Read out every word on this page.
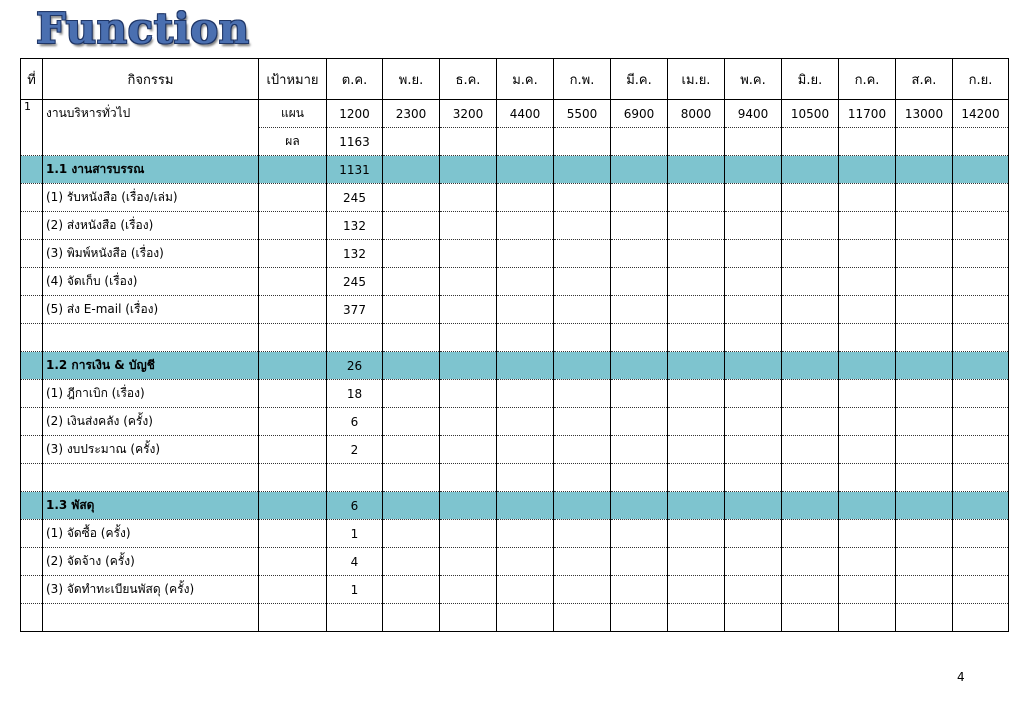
Function
ที่	กิจกรรม	เป้าหมาย	ต.ค.	พ.ย.	ธ.ค.	ม.ค.	ก.พ.	มี.ค.	เม.ย.	พ.ค.	มิ.ย.	ก.ค.	ส.ค.	ก.ย.
1	งานบริหารทั่วไป	แผน	1200	2300	3200	4400	5500	6900	8000	9400	10500	11700	13000	14200
		ผล	1163											
	1.1 งานสารบรรณ		1131											
	(1) รับหนังสือ (เรื่อง/เล่ม)		245											
	(2) ส่งหนังสือ (เรื่อง)		132											
	(3) พิมพ์หนังสือ (เรื่อง)		132											
	(4) จัดเก็บ (เรื่อง)		245											
	(5) ส่ง E-mail (เรื่อง)		377											

	1.2 การเงิน & บัญชี		26											
	(1) ฎีกาเบิก (เรื่อง)		18											
	(2) เงินส่งคลัง (ครั้ง)		6											
	(3) งบประมาณ (ครั้ง)		2											

	1.3 พัสดุ		6											
	(1) จัดซื้อ (ครั้ง)		1											
	(2) จัดจ้าง (ครั้ง)		4											
	(3) จัดทำทะเบียนพัสดุ (ครั้ง)		1											

4
